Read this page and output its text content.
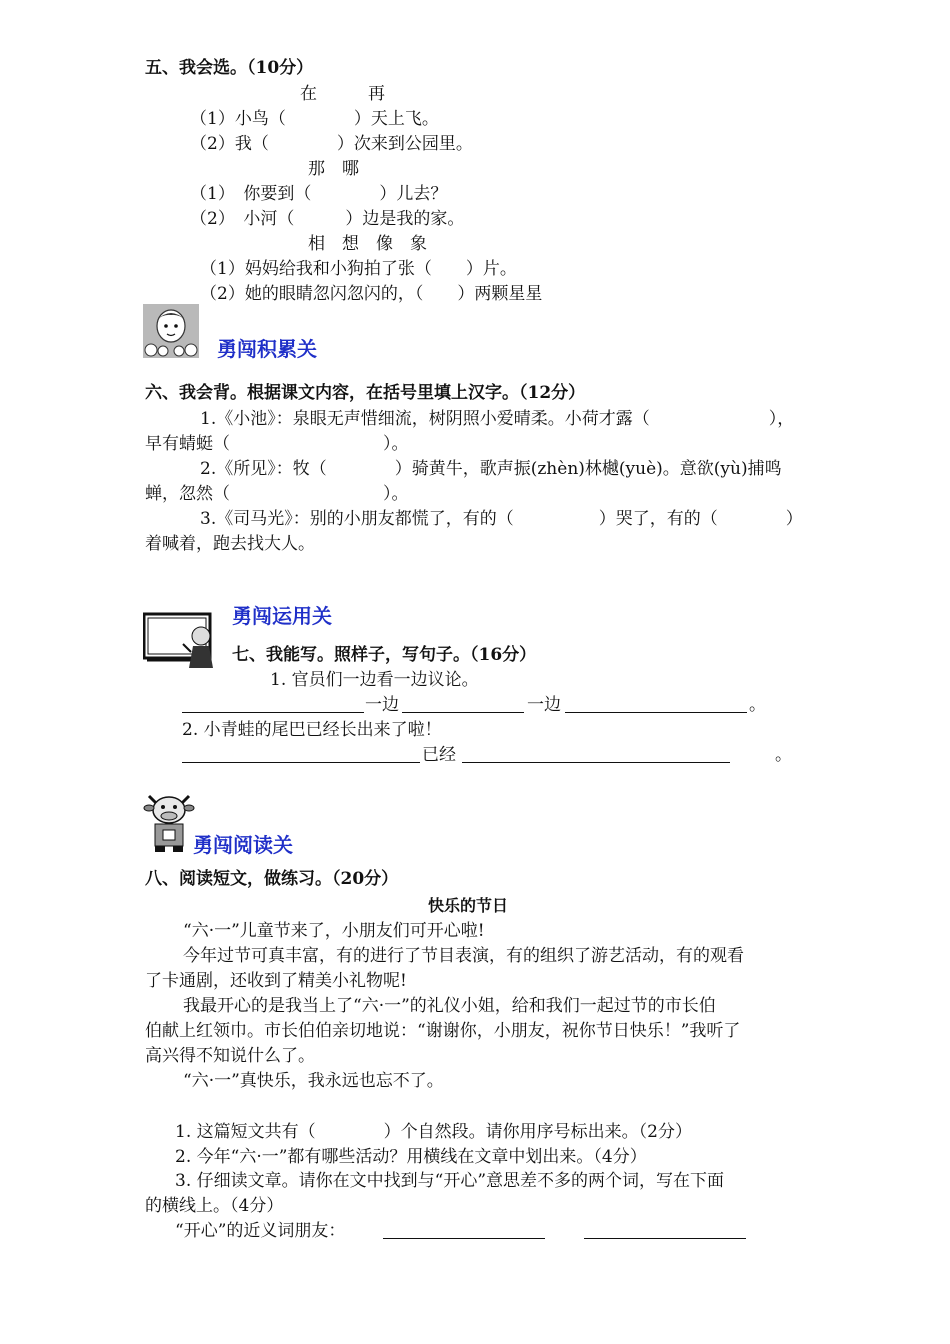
五、我会选。（10分）
在　　　再
（1）小鸟（　　　　）天上飞。
（2）我（　　　　）次来到公园里。
那　哪
（1）　你要到（　　　　）儿去？
（2）　小河（　　　）边是我的家。
相　想　像　象
（1）妈妈给我和小狗拍了张（　　）片。
（2）她的眼睛忽闪忽闪的，（　　）两颗星星
勇闯积累关
六、我会背。根据课文内容，在括号里填上汉字。（12分）
1.《小池》：泉眼无声惜细流，树阴照小爱晴柔。小荷才露（　　　　　　　），
早有蜻蜓（　　　　　　　　　）。
2.《所见》：牧（　　　　）骑黄牛，歌声振(zhèn)林樾(yuè)。意欲(yù)捕鸣
蝉，忽然（　　　　　　　　　）。
3.《司马光》：别的小朋友都慌了，有的（　　　　　）哭了，有的（　　　　）
着喊着，跑去找大人。
勇闯运用关
七、我能写。照样子，写句子。（16分）
1. 官员们一边看一边议论。
一边	一边	。
2. 小青蛙的尾巴已经长出来了啦！
已经	。
勇闯阅读关
八、阅读短文，做练习。（20分）
快乐的节日
“六·一”儿童节来了，小朋友们可开心啦!
今年过节可真丰富，有的进行了节目表演，有的组织了游艺活动，有的观看
了卡通剧，还收到了精美小礼物呢!
我最开心的是我当上了“六·一”的礼仪小姐，给和我们一起过节的市长伯
伯献上红领巾。市长伯伯亲切地说：“谢谢你，小朋友，祝你节日快乐！”我听了
高兴得不知说什么了。
“六·一”真快乐，我永远也忘不了。
1. 这篇短文共有（　　　　）个自然段。请你用序号标出来。（2分）
2. 今年“六·一”都有哪些活动？用横线在文章中划出来。（4分）
3. 仔细读文章。请你在文中找到与“开心”意思差不多的两个词，写在下面
的横线上。（4分）
“开心”的近义词朋友：
